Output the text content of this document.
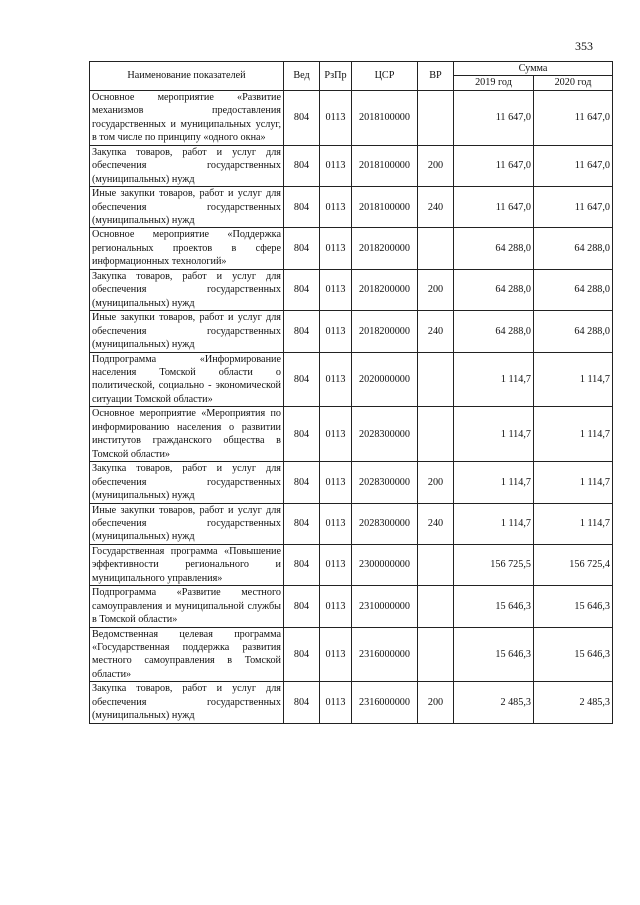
353
Наименование показателей	Вед	РзПр	ЦСР	ВР	Сумма	
					2019 год	2020 год
Основное мероприятие «Развитие механизмов предоставления государственных и муниципальных услуг, в том числе по принципу «одного окна»	804	0113	2018100000		11 647,0	11 647,0
Закупка товаров, работ и услуг для обеспечения государственных (муниципальных) нужд	804	0113	2018100000	200	11 647,0	11 647,0
Иные закупки товаров, работ и услуг для обеспечения государственных (муниципальных) нужд	804	0113	2018100000	240	11 647,0	11 647,0
Основное мероприятие «Поддержка региональных проектов в сфере информационных технологий»	804	0113	2018200000		64 288,0	64 288,0
Закупка товаров, работ и услуг для обеспечения государственных (муниципальных) нужд	804	0113	2018200000	200	64 288,0	64 288,0
Иные закупки товаров, работ и услуг для обеспечения государственных (муниципальных) нужд	804	0113	2018200000	240	64 288,0	64 288,0
Подпрограмма «Информирование населения Томской области о политической, социально - экономической ситуации Томской области»	804	0113	2020000000		1 114,7	1 114,7
Основное мероприятие «Мероприятия по информированию населения о развитии институтов гражданского общества в Томской области»	804	0113	2028300000		1 114,7	1 114,7
Закупка товаров, работ и услуг для обеспечения государственных (муниципальных) нужд	804	0113	2028300000	200	1 114,7	1 114,7
Иные закупки товаров, работ и услуг для обеспечения государственных (муниципальных) нужд	804	0113	2028300000	240	1 114,7	1 114,7
Государственная программа «Повышение эффективности регионального и муниципального управления»	804	0113	2300000000		156 725,5	156 725,4
Подпрограмма «Развитие местного самоуправления и муниципальной службы в Томской области»	804	0113	2310000000		15 646,3	15 646,3
Ведомственная целевая программа «Государственная поддержка развития местного самоуправления в Томской области»	804	0113	2316000000		15 646,3	15 646,3
Закупка товаров, работ и услуг для обеспечения государственных (муниципальных) нужд	804	0113	2316000000	200	2 485,3	2 485,3
